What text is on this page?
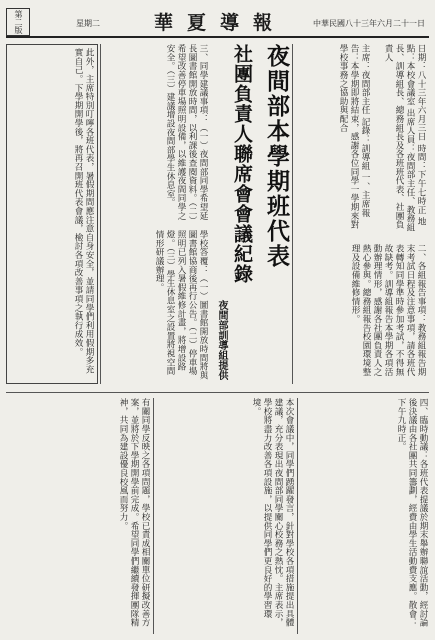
第二版	星期二	華夏導報	中華民國八十三年六月二十一日
夜間部本學期班代表
社團負責人聯席會會議紀錄
夜間部訓導組提供
日期：八十三年六月三日 時間：下午七時正 地點：本校會議室 出席人員：夜間部主任、教務組長、訓導組長、總務組長及各班班代表、社團負責人
主席：夜間部主任 記錄：訓導組 一、主席報告：本學期即將結束，感謝各位同學一學期來對學校事務之協助與配合
二、各組報告事項：教務組報告期末考試日程及注意事項，請各班代表轉知同學準時參加考試，不得無故缺考。訓導組報告本學期各項活動辦理情形，感謝各社團負責人之熱心參與。總務組報告校園環境整理及設備維修情形。
此外，主席特別叮嚀各班代表，暑假期間應注意自身安全，並請同學們利用假期多充實自己。下學期開學後，將再召開班代表會議，檢討各項改善事項之執行成效。	三、同學建議事項：（一）夜間部同學希望延長圖書館開放時間，以利課後查閱資料。（二）希望改善停車場照明設備，以維護夜間同學之安全。（三）建議增設夜間部學生休息室。
學校答覆：（一）圖書館開放時間將與圖書館協商後再行公告。（二）停車場照明已列入暑假維修計畫，將增設路燈。（三）學生休息室之設置將視空間情形研議辦理。
四、臨時動議：各班代表提議於期末舉辦聯誼活動，經討論後決議由各社團共同籌劃，經費由學生活動費支應。散會：下午九時正。
本次會議中，同學們踴躍發言，針對學校各項措施提出具體建議，充分表現出夜間部同學關心校務之熱忱。主席表示，學校將盡力改善各項設施，以提供同學們更良好的學習環境。
有關同學反映之各項問題，學校已責成相關單位研擬改善方案，並將於下學期開學前完成。希望同學們繼續發揮團隊精神，共同為建設優良校風而努力。
